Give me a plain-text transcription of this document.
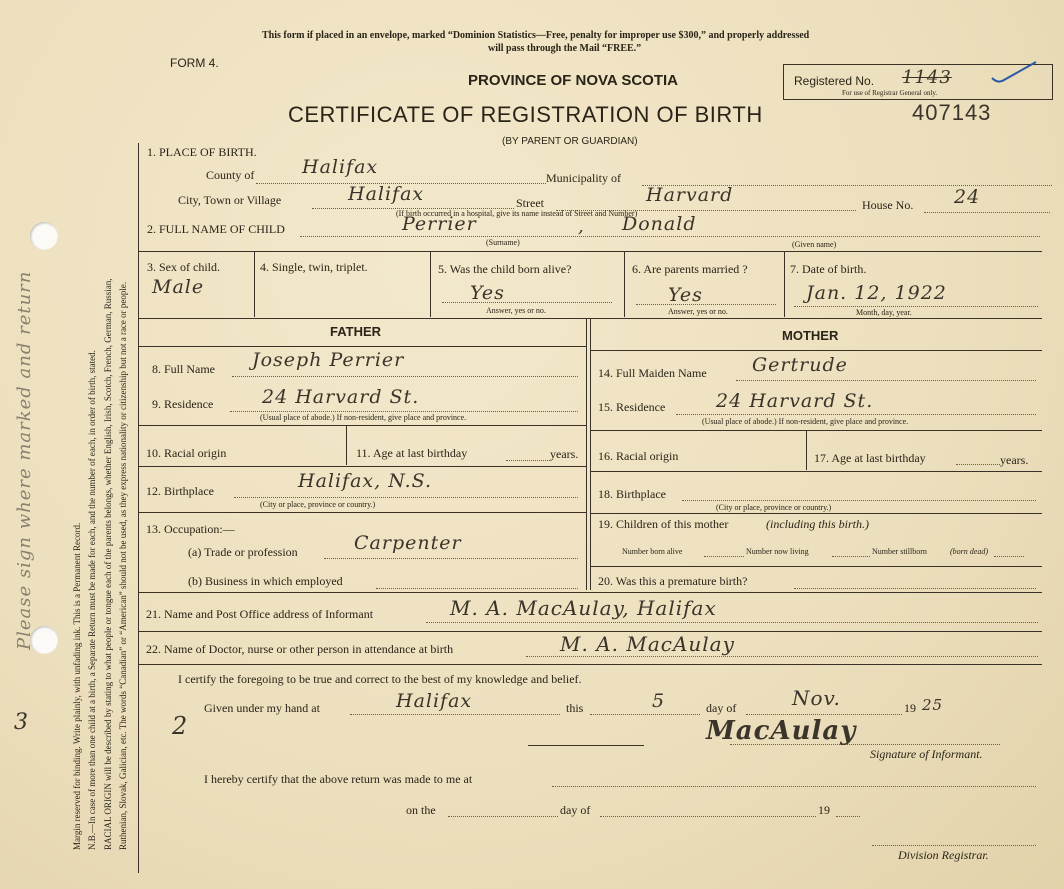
Margin reserved for binding. Write plainly, with unfading ink. This is a Permanent Record. N.B.—In case of more than one child at a birth, a Separate Return must be made for each, and the number of each, in order of birth, stated. RACIAL ORIGIN will be described by stating to what people or tongue each of the parents belongs, whether English, Irish, Scotch, French, German, Russian, Ruthenian, Slovak, Galician, etc. The words “Canadian” or “American” should not be used, as they express nationality or citizenship but not a race or people.
Please sign where marked and return
3
This form if placed in an envelope, marked “Dominion Statistics—Free, penalty for improper use $300,” and properly addressed
will pass through the Mail “FREE.”
FORM 4.
PROVINCE OF NOVA SCOTIA	Registered No. 1143
For use of Registrar General only.
CERTIFICATE OF REGISTRATION OF BIRTH	407143
(BY PARENT OR GUARDIAN)
1. PLACE OF BIRTH.
County of	Halifax	Municipality of
City, Town or Village	Halifax	Street	Harvard	House No. 24
(If birth occurred in a hospital, give its name instead of Street and Number)
2. FULL NAME OF CHILD	Perrier	, Donald
(Surname)	(Given name)
3. Sex of child.
Male
4. Single, twin, triplet.	5. Was the child born alive?
Yes
Answer, yes or no.
6. Are parents married ?
Yes
Answer, yes or no.
7. Date of birth.
Jan. 12, 1922
Month, day, year.
FATHER	MOTHER
8. Full Name Joseph Perrier
9. Residence	24 Harvard St.
(Usual place of abode.) If non-resident, give place and province.
10. Racial origin	11. Age at last birthday	years.
12. Birthplace	Halifax, N.S.
(City or place, province or country.)
13. Occupation:—
(a) Trade or profession	Carpenter
(b) Business in which employed
14. Full Maiden Name Gertrude
15. Residence	24 Harvard St.
(Usual place of abode.) If non-resident, give place and province.
16. Racial origin	17. Age at last birthday	years.
18. Birthplace
(City or place, province or country.)
19. Children of this mother	(including this birth.)
Number born alive	Number now living	Number stillborn	(born dead)
20. Was this a premature birth?
21. Name and Post Office address of Informant	M. A. MacAulay, Halifax
22. Name of Doctor, nurse or other person in attendance at birth	M. A. MacAulay
I certify the foregoing to be true and correct to the best of my knowledge and belief.
Given under my hand at	Halifax	this	5	day of	Nov.	19 25
2	MacAulay
Signature of Informant.
I hereby certify that the above return was made to me at
on the	day of	19
Division Registrar.
